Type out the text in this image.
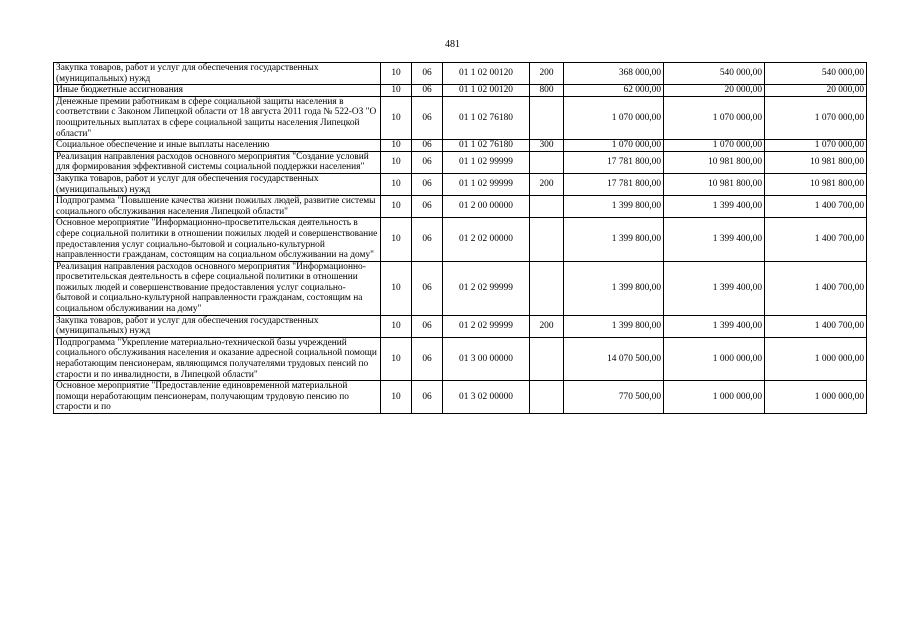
481
Закупка товаров, работ и услуг для обеспечения государственных (муниципальных) нужд	10	06	01 1 02 00120	200	368 000,00	540 000,00	540 000,00
Иные бюджетные ассигнования	10	06	01 1 02 00120	800	62 000,00	20 000,00	20 000,00
Денежные премии работникам в сфере социальной защиты населения в соответствии с Законом Липецкой области от 18 августа 2011 года № 522-ОЗ "О поощрительных выплатах в сфере социальной защиты населения Липецкой области"	10	06	01 1 02 76180		1 070 000,00	1 070 000,00	1 070 000,00
Социальное обеспечение и иные выплаты населению	10	06	01 1 02 76180	300	1 070 000,00	1 070 000,00	1 070 000,00
Реализация направления расходов основного мероприятия "Создание условий для формирования эффективной системы социальной поддержки населения"	10	06	01 1 02 99999		17 781 800,00	10 981 800,00	10 981 800,00
Закупка товаров, работ и услуг для обеспечения государственных (муниципальных) нужд	10	06	01 1 02 99999	200	17 781 800,00	10 981 800,00	10 981 800,00
Подпрограмма "Повышение качества жизни пожилых людей, развитие системы социального обслуживания населения Липецкой области"	10	06	01 2 00 00000		1 399 800,00	1 399 400,00	1 400 700,00
Основное мероприятие "Информационно-просветительская деятельность в сфере социальной политики в отношении пожилых людей и совершенствование предоставления услуг социально-бытовой и социально-культурной направленности гражданам, состоящим на социальном обслуживании на дому"	10	06	01 2 02 00000		1 399 800,00	1 399 400,00	1 400 700,00
Реализация направления расходов основного мероприятия "Информационно-просветительская деятельность в сфере социальной политики в отношении пожилых людей и совершенствование предоставления услуг социально-бытовой и социально-культурной направленности гражданам, состоящим на социальном обслуживании на дому"	10	06	01 2 02 99999		1 399 800,00	1 399 400,00	1 400 700,00
Закупка товаров, работ и услуг для обеспечения государственных (муниципальных) нужд	10	06	01 2 02 99999	200	1 399 800,00	1 399 400,00	1 400 700,00
Подпрограмма "Укрепление материально-технической базы учреждений социального обслуживания населения и оказание адресной социальной помощи неработающим пенсионерам, являющимся получателями трудовых пенсий по старости и по инвалидности, в Липецкой области"	10	06	01 3 00 00000		14 070 500,00	1 000 000,00	1 000 000,00
Основное мероприятие "Предоставление единовременной материальной помощи неработающим пенсионерам, получающим трудовую пенсию по старости и по	10	06	01 3 02 00000		770 500,00	1 000 000,00	1 000 000,00
